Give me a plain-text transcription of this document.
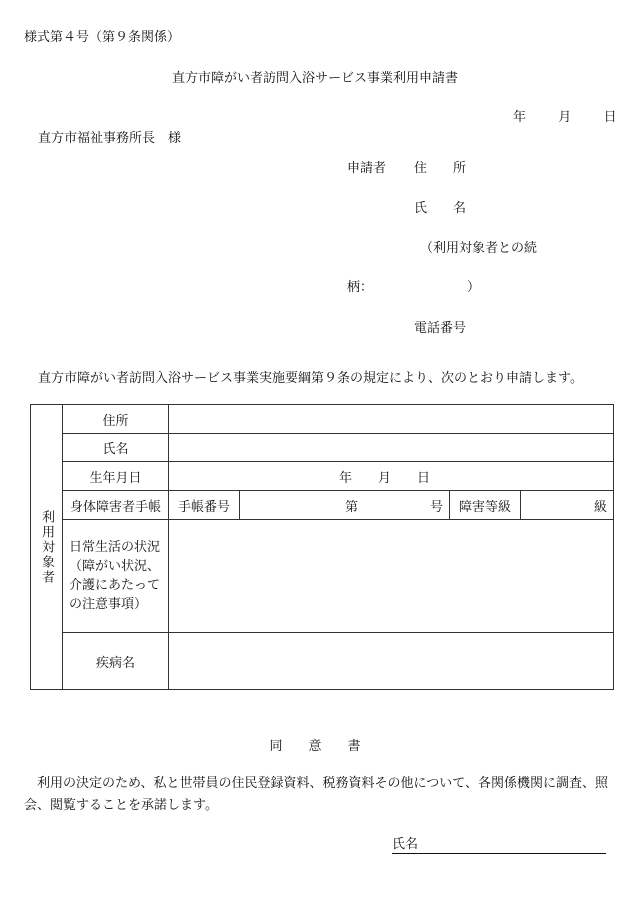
様式第４号（第９条関係）
直方市障がい者訪問入浴サービス事業利用申請書
年 月 日
直方市福祉事務所長　様
申請者 住　　所
氏　　名
（利用対象者との続
柄：	）
電話番号
直方市障がい者訪問入浴サービス事業実施要綱第９条の規定により、次のとおり申請します。
利用対象者	住所				
	氏名				
	生年月日	年 月 日			
	身体障害者手帳	手帳番号	第 号	障害等級	級
	日常生活の状況
（障がい状況、
介護にあたって
の注意事項）				
	疾病名				
同　　意　　書
利用の決定のため、私と世帯員の住民登録資料、税務資料その他について、各関係機関に調査、照会、閲覧することを承諾します。
氏名
